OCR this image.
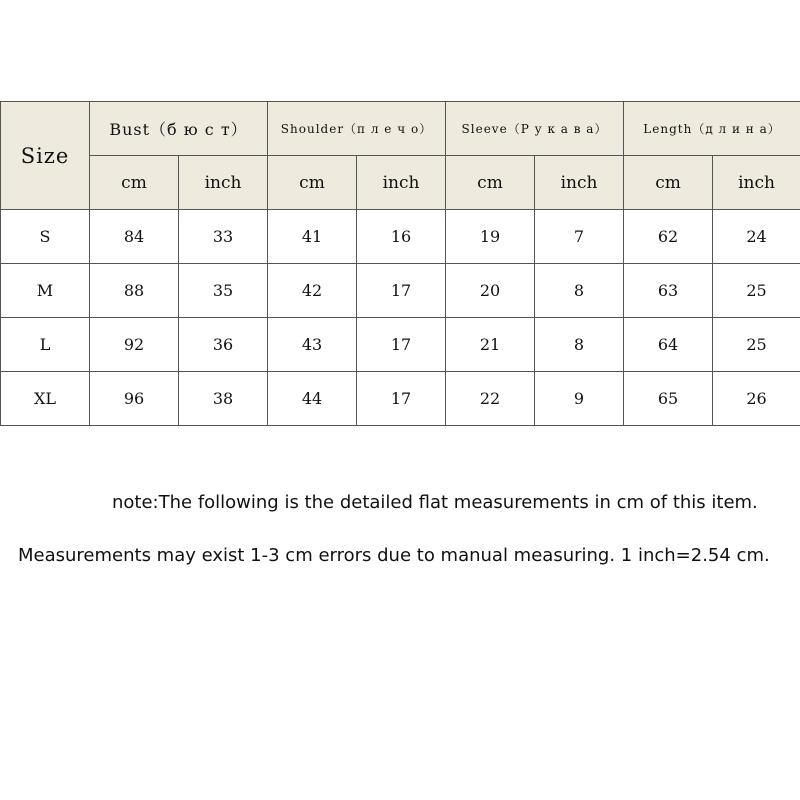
Size	Bust（б ю с т）		Shoulder（п л е ч о）		Sleeve（Р у к а в а）		Length（д л и н а）	
	cm	inch	cm	inch	cm	inch	cm	inch
S	84	33	41	16	19	7	62	24
M	88	35	42	17	20	8	63	25
L	92	36	43	17	21	8	64	25
XL	96	38	44	17	22	9	65	26
note:The following is the detailed flat measurements in cm of this item.
Measurements may exist 1-3 cm errors due to manual measuring. 1 inch=2.54 cm.
